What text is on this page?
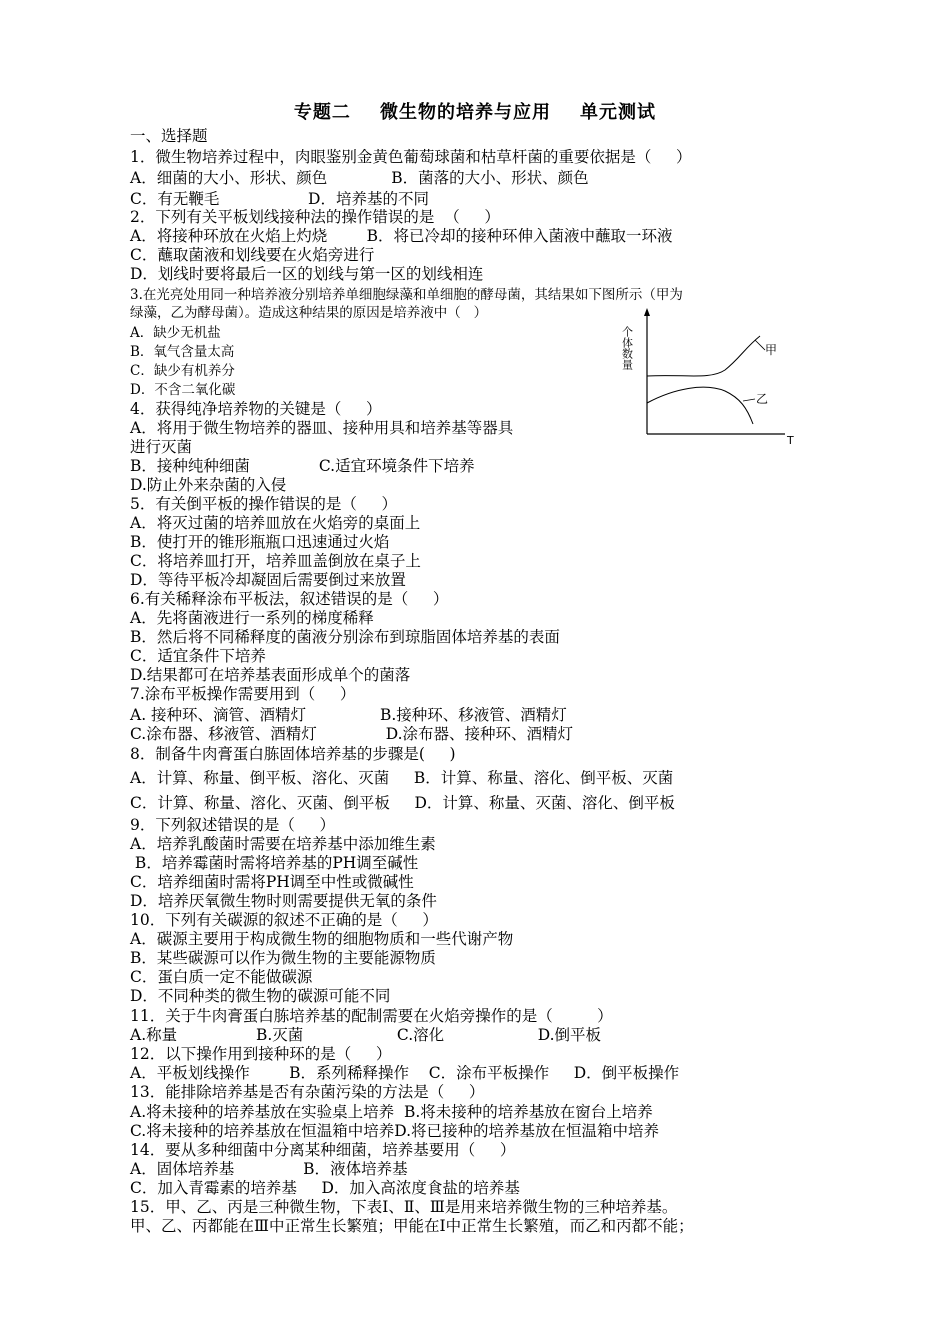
专题二    微生物的培养与应用    单元测试
一、选择题
1．微生物培养过程中，肉眼鉴别金黄色葡萄球菌和枯草杆菌的重要依据是（     ）
A．细菌的大小、形状、颜色             B．菌落的大小、形状、颜色
C．有无鞭毛                  D．培养基的不同
2．下列有关平板划线接种法的操作错误的是  （     ）
A．将接种环放在火焰上灼烧        B．将已冷却的接种环伸入菌液中蘸取一环液
C．蘸取菌液和划线要在火焰旁进行
D．划线时要将最后一区的划线与第一区的划线相连
3.在光亮处用同一种培养液分别培养单细胞绿藻和单细胞的酵母菌，其结果如下图所示（甲为
绿藻，乙为酵母菌）。造成这种结果的原因是培养液中（   ）
A．缺少无机盐
B．氧气含量太高
C．缺少有机养分
D．不含二氧化碳
4．获得纯净培养物的关键是（     ）
A．将用于微生物培养的器皿、接种用具和培养基等器具
进行灭菌
B．接种纯种细菌              C.适宜环境条件下培养
D.防止外来杂菌的入侵
5．有关倒平板的操作错误的是（     ）
A．将灭过菌的培养皿放在火焰旁的桌面上
B．使打开的锥形瓶瓶口迅速通过火焰
C．将培养皿打开，培养皿盖倒放在桌子上
D．等待平板冷却凝固后需要倒过来放置
6.有关稀释涂布平板法，叙述错误的是（     ）
A．先将菌液进行一系列的梯度稀释
B．然后将不同稀释度的菌液分别涂布到琼脂固体培养基的表面
C．适宜条件下培养
D.结果都可在培养基表面形成单个的菌落
7.涂布平板操作需要用到（     ）
A. 接种环、滴管、酒精灯               B.接种环、移液管、酒精灯
C.涂布器、移液管、酒精灯              D.涂布器、接种环、酒精灯
8．制备牛肉膏蛋白胨固体培养基的步骤是(     )
A．计算、称量、倒平板、溶化、灭菌     B．计算、称量、溶化、倒平板、灭菌
C．计算、称量、溶化、灭菌、倒平板     D．计算、称量、灭菌、溶化、倒平板
9．下列叙述错误的是（     ）
A．培养乳酸菌时需要在培养基中添加维生素
B．培养霉菌时需将培养基的PH调至碱性
C．培养细菌时需将PH调至中性或微碱性
D．培养厌氧微生物时则需要提供无氧的条件
10．下列有关碳源的叙述不正确的是（     ）
A．碳源主要用于构成微生物的细胞物质和一些代谢产物
B．某些碳源可以作为微生物的主要能源物质
C．蛋白质一定不能做碳源
D．不同种类的微生物的碳源可能不同
11．关于牛肉膏蛋白胨培养基的配制需要在火焰旁操作的是（         ）
A.称量                B.灭菌                   C.溶化                   D.倒平板
12．以下操作用到接种环的是（     ）
A．平板划线操作        B．系列稀释操作    C．涂布平板操作     D．倒平板操作
13．能排除培养基是否有杂菌污染的方法是（     ）
A.将未接种的培养基放在实验桌上培养  B.将未接种的培养基放在窗台上培养
C.将未接种的培养基放在恒温箱中培养D.将已接种的培养基放在恒温箱中培养
14．要从多种细菌中分离某种细菌，培养基要用（     ）
A．固体培养基              B．液体培养基
C．加入青霉素的培养基     D．加入高浓度食盐的培养基
15．甲、乙、丙是三种微生物，下表Ⅰ、Ⅱ、Ⅲ是用来培养微生物的三种培养基。
甲、乙、丙都能在Ⅲ中正常生长繁殖；甲能在Ⅰ中正常生长繁殖，而乙和丙都不能；
个体数量
T
甲
乙
